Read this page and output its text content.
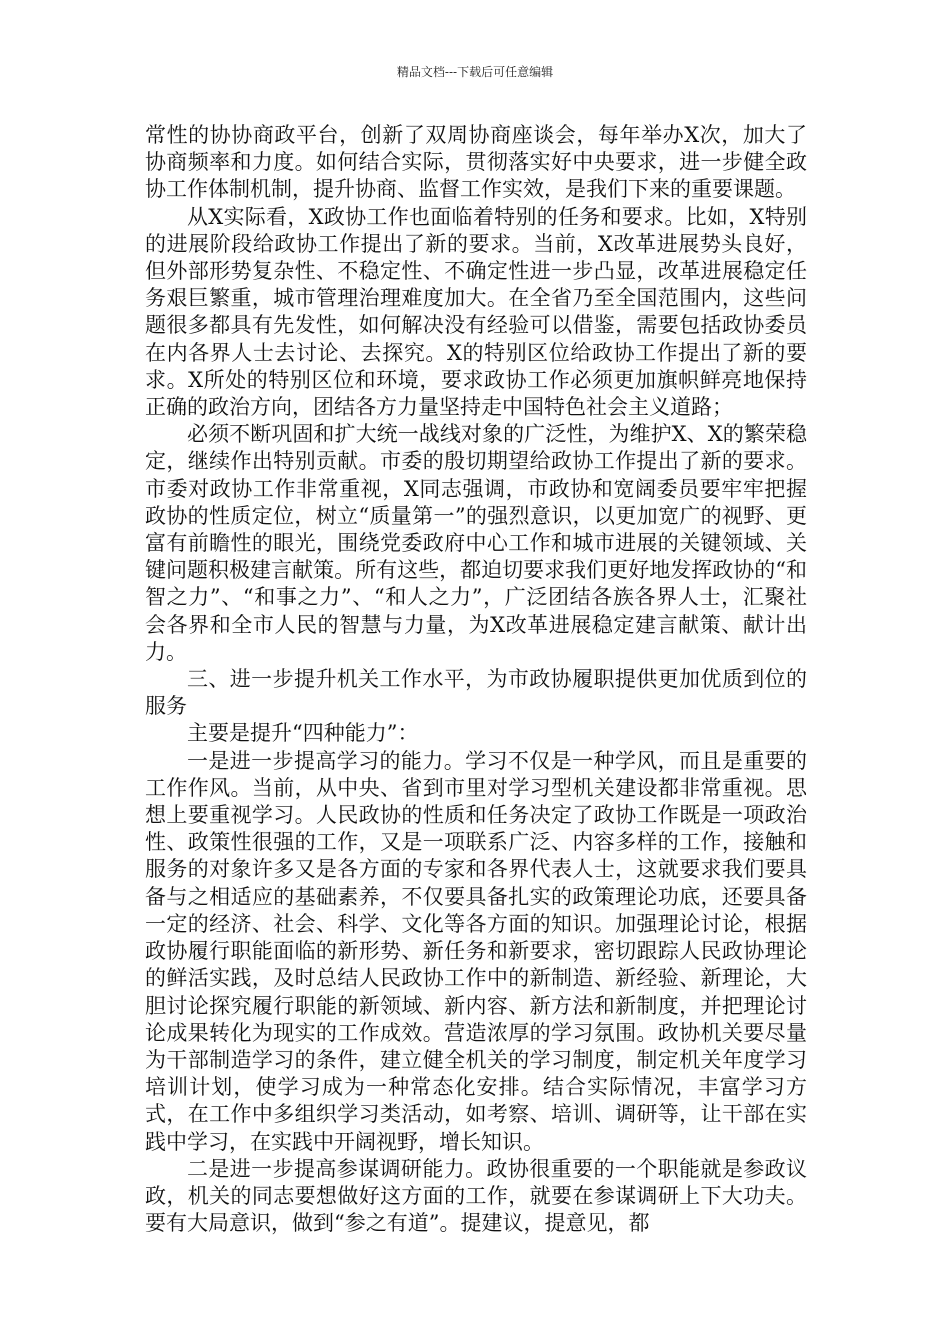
精品文档---下载后可任意编辑

常性的协协商政平台，创新了双周协商座谈会，每年举办X次，加大了协商频率和力度。如何结合实际，贯彻落实好中央要求，进一步健全政协工作体制机制，提升协商、监督工作实效，是我们下来的重要课题。

从X实际看，X政协工作也面临着特别的任务和要求。比如，X特别的进展阶段给政协工作提出了新的要求。当前，X改革进展势头良好，但外部形势复杂性、不稳定性、不确定性进一步凸显，改革进展稳定任务艰巨繁重，城市管理治理难度加大。在全省乃至全国范围内，这些问题很多都具有先发性，如何解决没有经验可以借鉴，需要包括政协委员在内各界人士去讨论、去探究。X的特别区位给政协工作提出了新的要求。X所处的特别区位和环境，要求政协工作必须更加旗帜鲜亮地保持正确的政治方向，团结各方力量坚持走中国特色社会主义道路；

必须不断巩固和扩大统一战线对象的广泛性，为维护X、X的繁荣稳定，继续作出特别贡献。市委的殷切期望给政协工作提出了新的要求。市委对政协工作非常重视，X同志强调，市政协和宽阔委员要牢牢把握政协的性质定位，树立“质量第一”的强烈意识，以更加宽广的视野、更富有前瞻性的眼光，围绕党委政府中心工作和城市进展的关键领域、关键问题积极建言献策。所有这些，都迫切要求我们更好地发挥政协的“和智之力”、“和事之力”、“和人之力”，广泛团结各族各界人士，汇聚社会各界和全市人民的智慧与力量，为X改革进展稳定建言献策、献计出力。

三、进一步提升机关工作水平，为市政协履职提供更加优质到位的服务

主要是提升“四种能力”：

一是进一步提高学习的能力。学习不仅是一种学风，而且是重要的工作作风。当前，从中央、省到市里对学习型机关建设都非常重视。思想上要重视学习。人民政协的性质和任务决定了政协工作既是一项政治性、政策性很强的工作，又是一项联系广泛、内容多样的工作，接触和服务的对象许多又是各方面的专家和各界代表人士，这就要求我们要具备与之相适应的基础素养，不仅要具备扎实的政策理论功底，还要具备一定的经济、社会、科学、文化等各方面的知识。加强理论讨论，根据政协履行职能面临的新形势、新任务和新要求，密切跟踪人民政协理论的鲜活实践，及时总结人民政协工作中的新制造、新经验、新理论，大胆讨论探究履行职能的新领域、新内容、新方法和新制度，并把理论讨论成果转化为现实的工作成效。营造浓厚的学习氛围。政协机关要尽量为干部制造学习的条件，建立健全机关的学习制度，制定机关年度学习培训计划，使学习成为一种常态化安排。结合实际情况，丰富学习方式，在工作中多组织学习类活动，如考察、培训、调研等，让干部在实践中学习，在实践中开阔视野，增长知识。

二是进一步提高参谋调研能力。政协很重要的一个职能就是参政议政，机关的同志要想做好这方面的工作，就要在参谋调研上下大功夫。要有大局意识，做到“参之有道”。提建议，提意见，都
